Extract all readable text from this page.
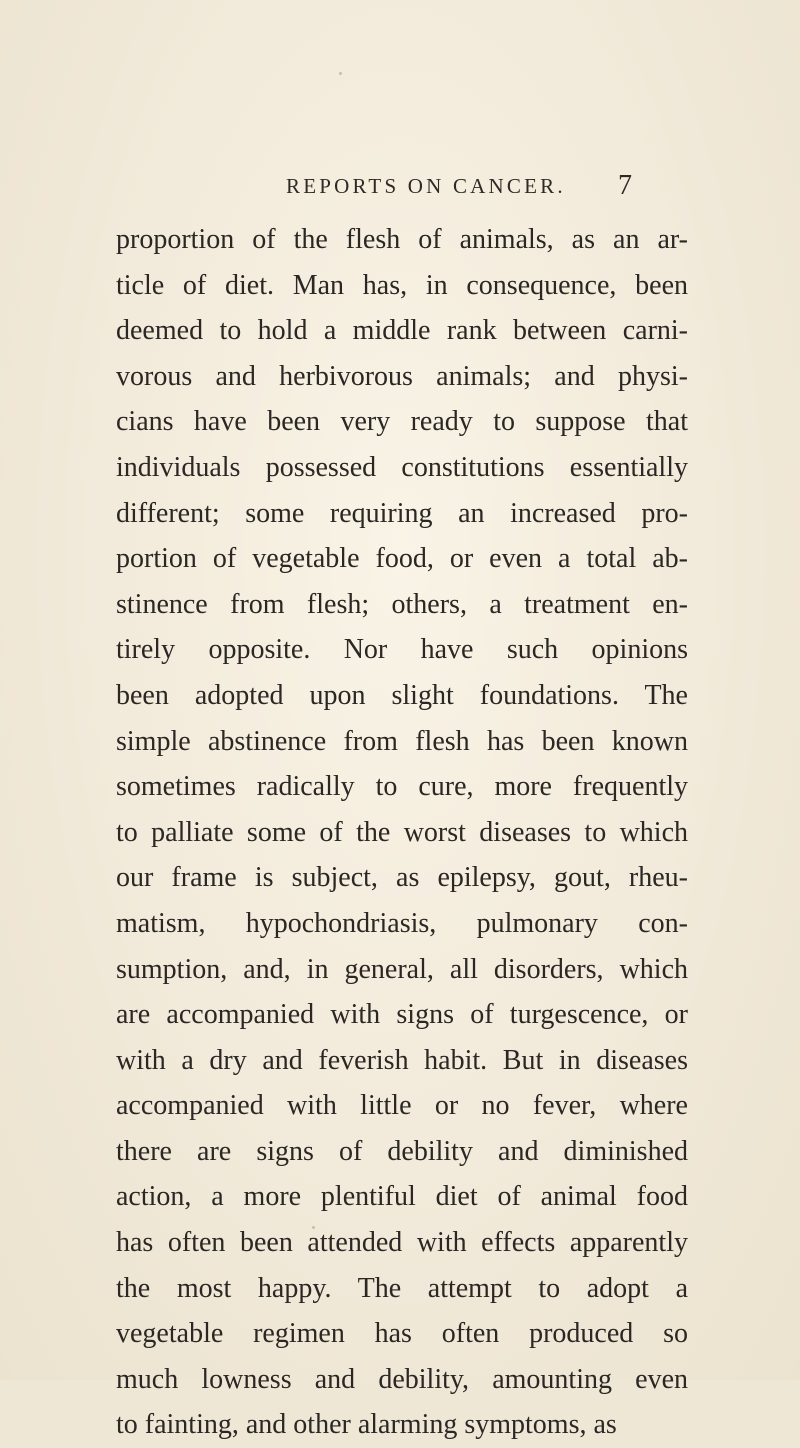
REPORTS ON CANCER. 7
proportion of the flesh of animals, as an ar-
ticle of diet. Man has, in consequence, been
deemed to hold a middle rank between carni-
vorous and herbivorous animals; and physi-
cians have been very ready to suppose that
individuals possessed constitutions essentially
different; some requiring an increased pro-
portion of vegetable food, or even a total ab-
stinence from flesh; others, a treatment en-
tirely opposite. Nor have such opinions
been adopted upon slight foundations. The
simple abstinence from flesh has been known
sometimes radically to cure, more frequently
to palliate some of the worst diseases to which
our frame is subject, as epilepsy, gout, rheu-
matism, hypochondriasis, pulmonary con-
sumption, and, in general, all disorders, which
are accompanied with signs of turgescence, or
with a dry and feverish habit. But in diseases
accompanied with little or no fever, where
there are signs of debility and diminished
action, a more plentiful diet of animal food
has often been attended with effects apparently
the most happy. The attempt to adopt a
vegetable regimen has often produced so
much lowness and debility, amounting even
to fainting, and other alarming symptoms, as
